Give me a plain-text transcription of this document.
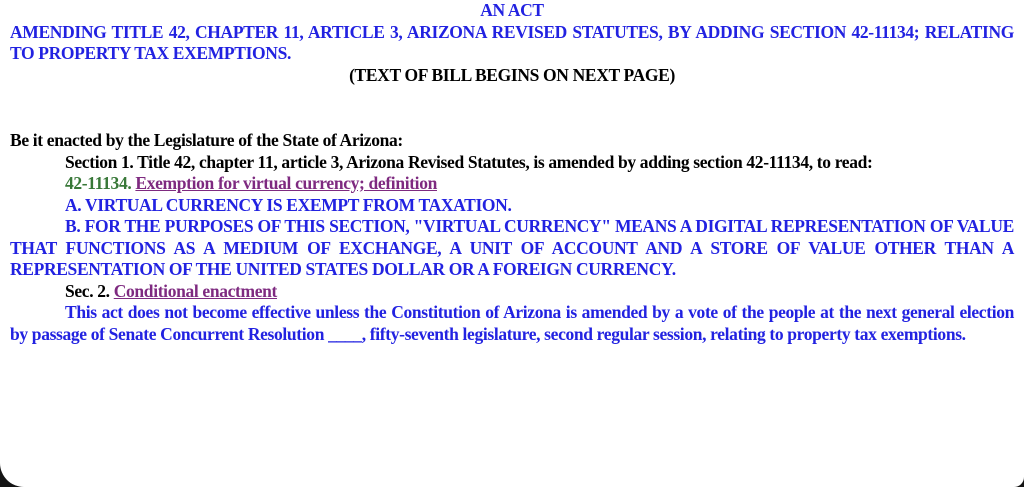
AN ACT

AMENDING TITLE 42, CHAPTER 11, ARTICLE 3, ARIZONA REVISED STATUTES, BY ADDING SECTION 42-11134; RELATING TO PROPERTY TAX EXEMPTIONS.

(TEXT OF BILL BEGINS ON NEXT PAGE)

Be it enacted by the Legislature of the State of Arizona:

Section 1. Title 42, chapter 11, article 3, Arizona Revised Statutes, is amended by adding section 42-11134, to read:

42-11134. Exemption for virtual currency; definition

A. VIRTUAL CURRENCY IS EXEMPT FROM TAXATION.

B. FOR THE PURPOSES OF THIS SECTION, "VIRTUAL CURRENCY" MEANS A DIGITAL REPRESENTATION OF VALUE THAT FUNCTIONS AS A MEDIUM OF EXCHANGE, A UNIT OF ACCOUNT AND A STORE OF VALUE OTHER THAN A REPRESENTATION OF THE UNITED STATES DOLLAR OR A FOREIGN CURRENCY.

Sec. 2. Conditional enactment

This act does not become effective unless the Constitution of Arizona is amended by a vote of the people at the next general election by passage of Senate Concurrent Resolution ____, fifty-seventh legislature, second regular session, relating to property tax exemptions.
